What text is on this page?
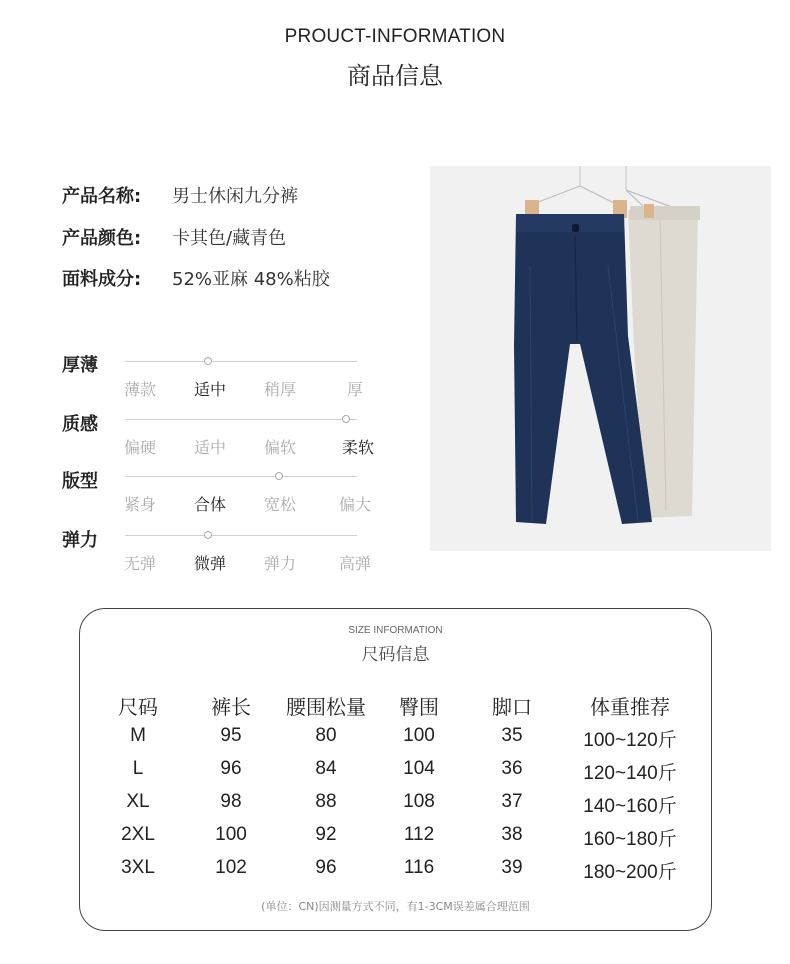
PROUCT-INFORMATION
商品信息
产品名称:	男士休闲九分裤
产品颜色:	卡其色/藏青色
面料成分:	52%亚麻 48%粘胶
厚薄
薄款	适中	稍厚	厚
质感
偏硬	适中	偏软	柔软
版型
紧身	合体	宽松	偏大
弹力
无弹	微弹	弹力	高弹
SIZE INFORMATION
尺码信息
尺码	裤长	腰围松量	臀围	脚口	体重推荐
M	95	80	100	35	100~120斤
L	96	84	104	36	120~140斤
XL	98	88	108	37	140~160斤
2XL	100	92	112	38	160~180斤
3XL	102	96	116	39	180~200斤
(单位：CN)因测量方式不同，有1-3CM误差属合理范围
